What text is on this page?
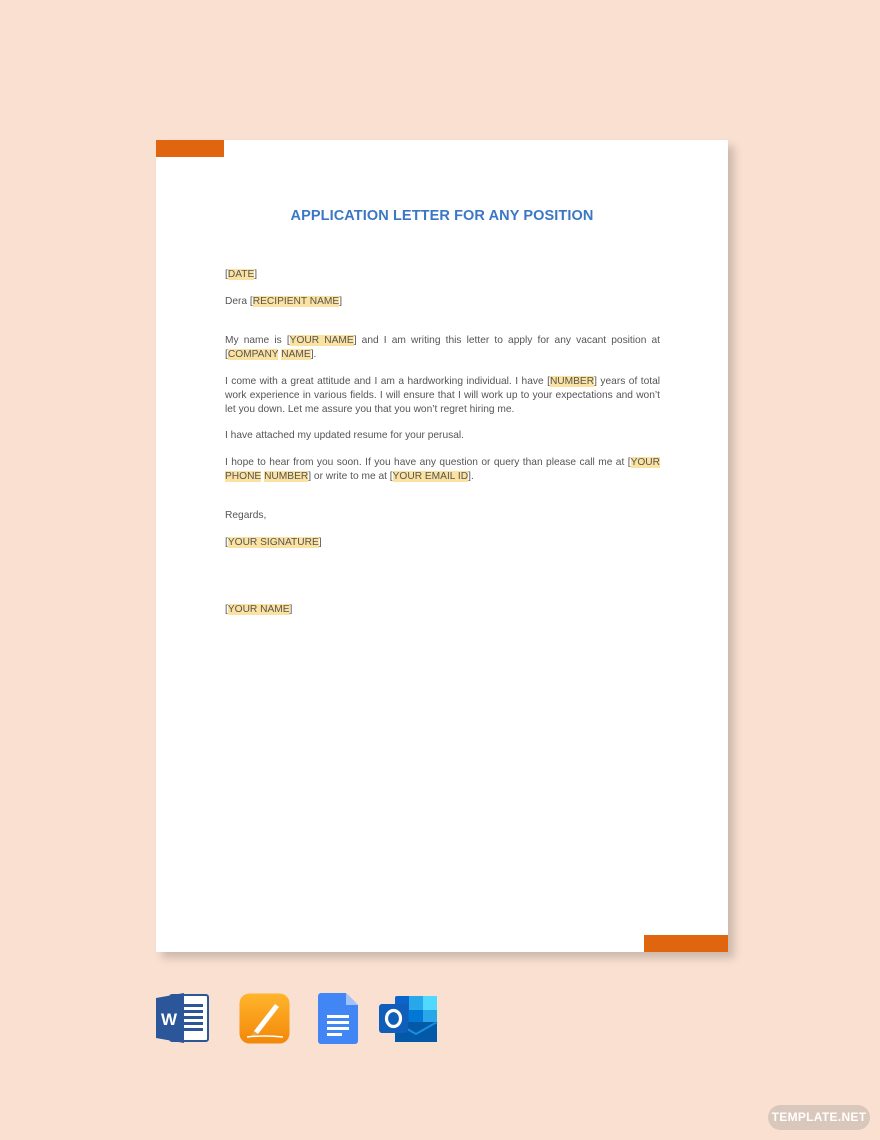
APPLICATION LETTER FOR ANY POSITION

[DATE]

Dera [RECIPIENT NAME]

My name is [YOUR NAME] and I am writing this letter to apply for any vacant position at [COMPANY NAME].

I come with a great attitude and I am a hardworking individual. I have [NUMBER] years of total work experience in various fields. I will ensure that I will work up to your expectations and won’t let you down. Let me assure you that you won’t regret hiring me.

I have attached my updated resume for your perusal.

I hope to hear from you soon. If you have any question or query than please call me at [YOUR PHONE NUMBER] or write to me at [YOUR EMAIL ID].

Regards,

[YOUR SIGNATURE]

[YOUR NAME]

W
TEMPLATE.NET
